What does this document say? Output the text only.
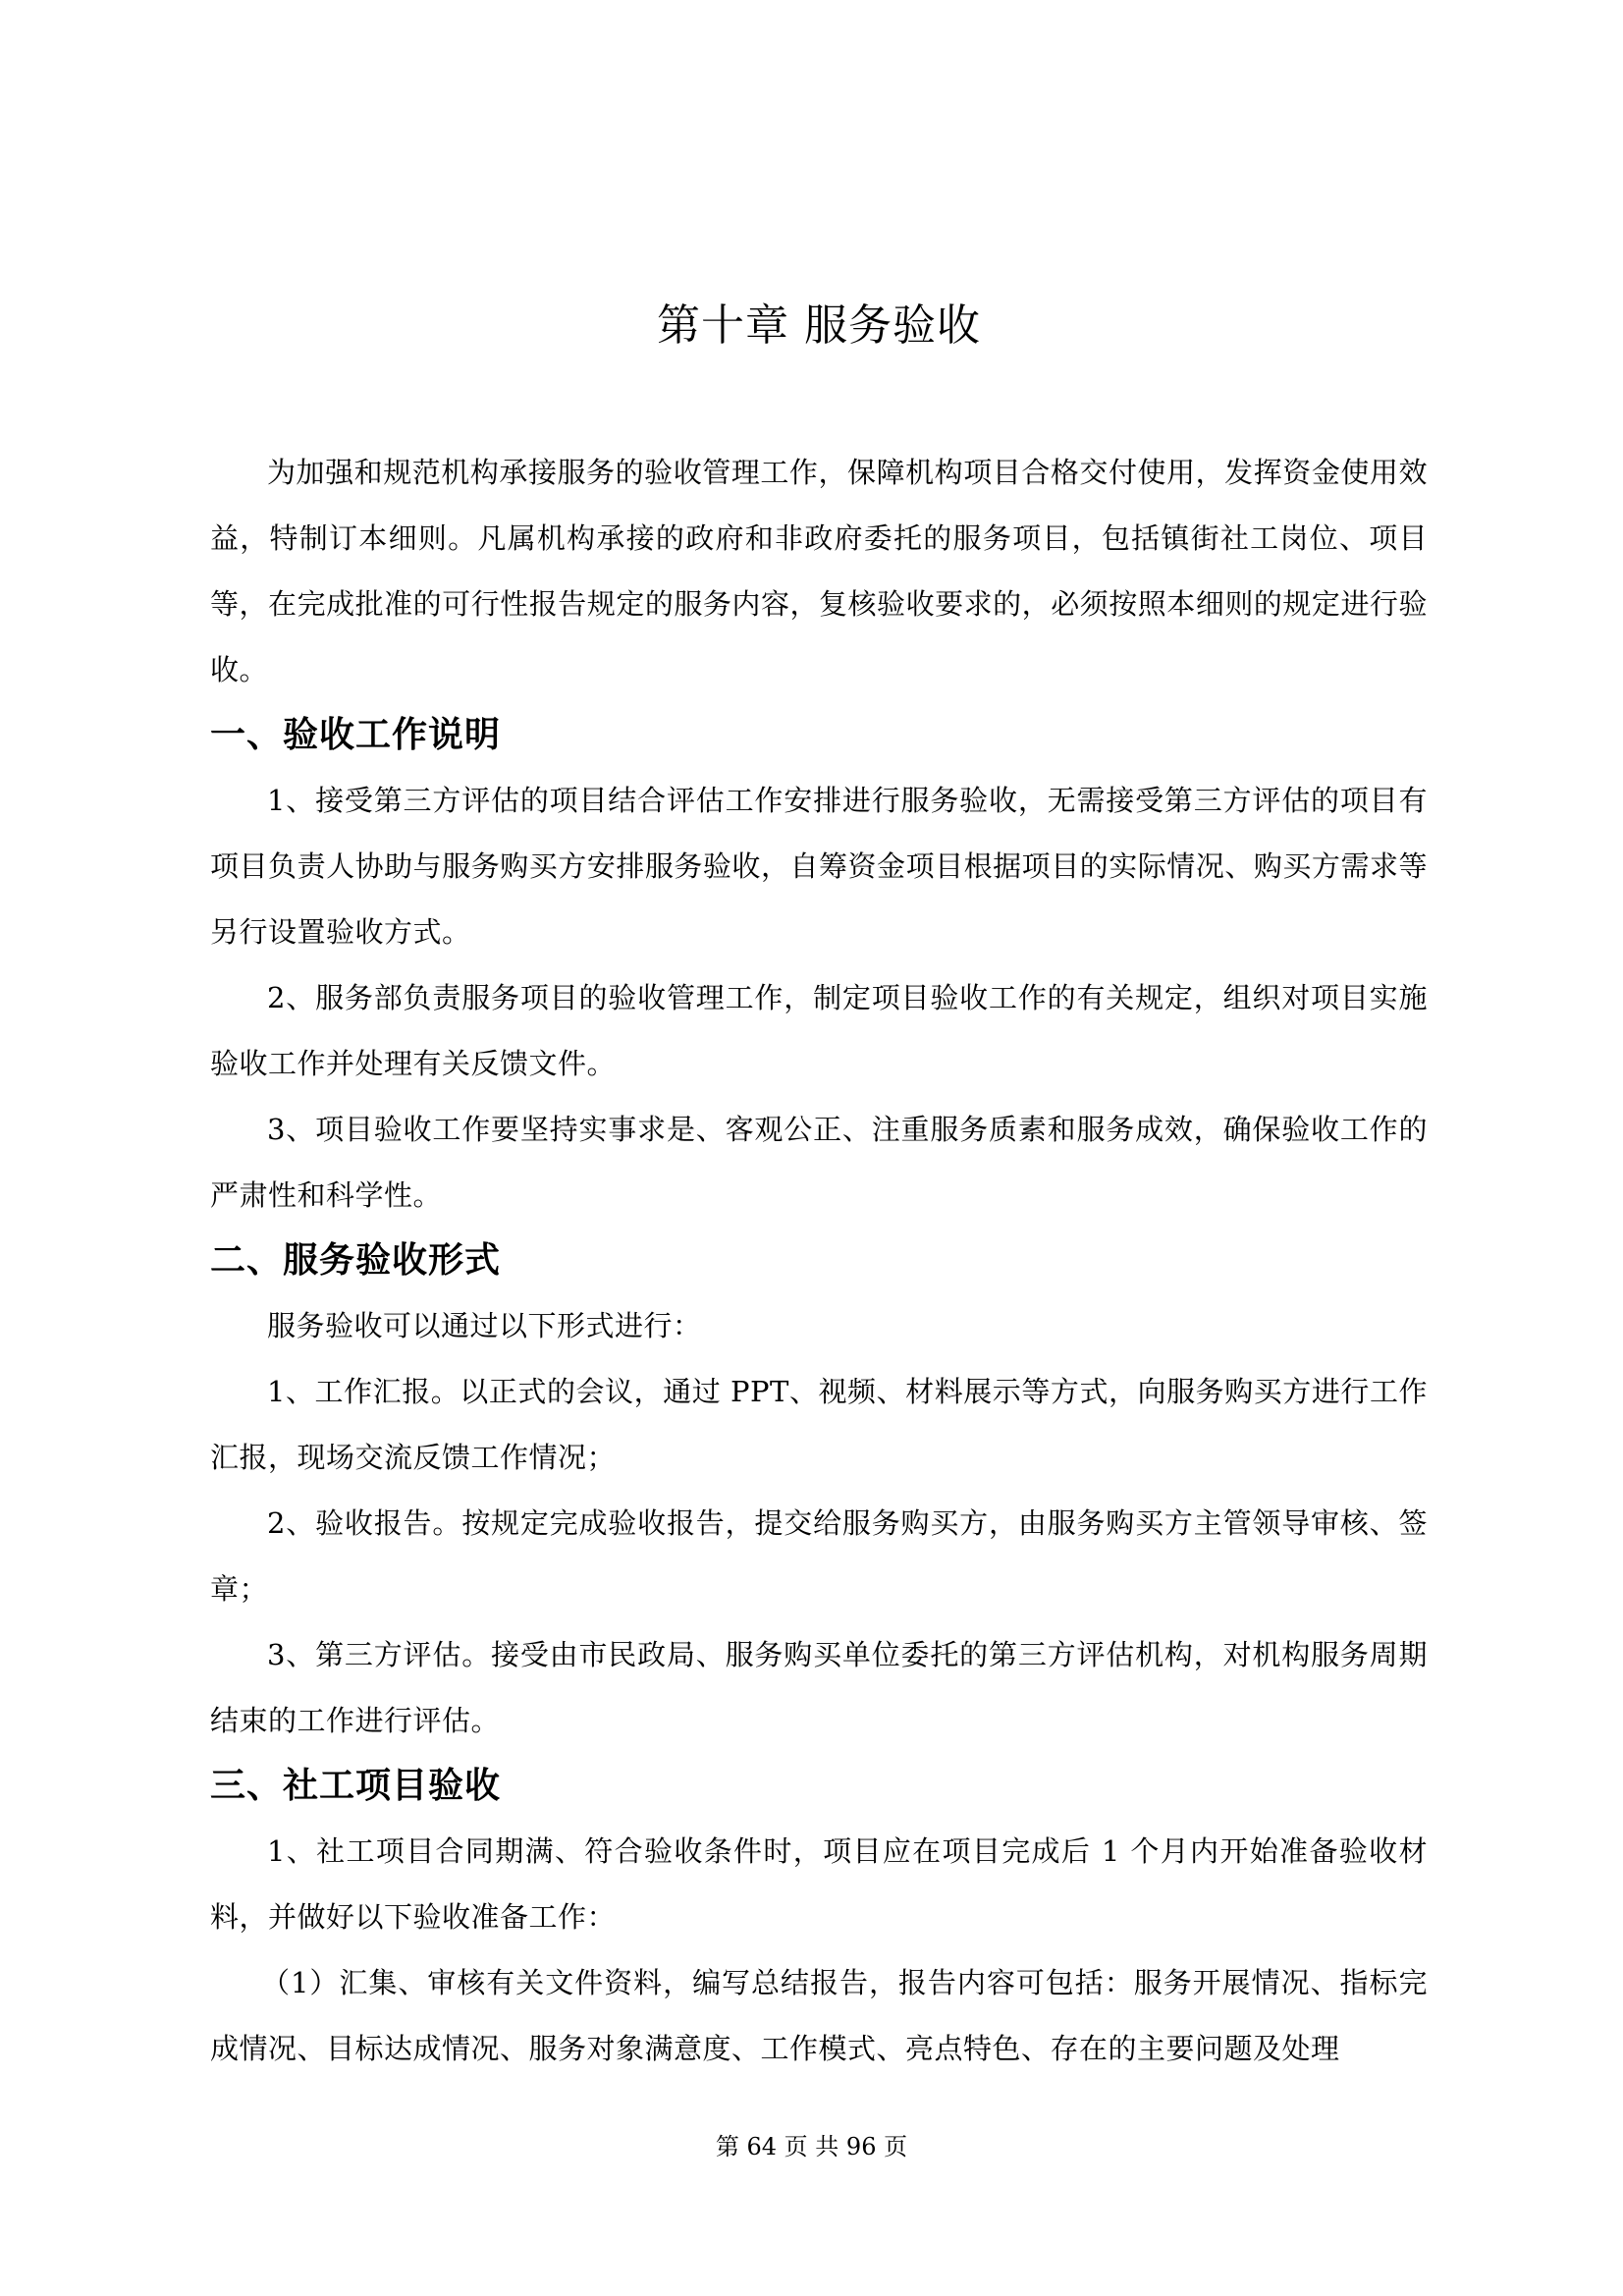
第十章 服务验收

为加强和规范机构承接服务的验收管理工作，保障机构项目合格交付使用，发挥资金使用效益，特制订本细则。凡属机构承接的政府和非政府委托的服务项目，包括镇街社工岗位、项目等，在完成批准的可行性报告规定的服务内容，复核验收要求的，必须按照本细则的规定进行验收。

一、验收工作说明

1、接受第三方评估的项目结合评估工作安排进行服务验收，无需接受第三方评估的项目有项目负责人协助与服务购买方安排服务验收，自筹资金项目根据项目的实际情况、购买方需求等另行设置验收方式。

2、服务部负责服务项目的验收管理工作，制定项目验收工作的有关规定，组织对项目实施验收工作并处理有关反馈文件。

3、项目验收工作要坚持实事求是、客观公正、注重服务质素和服务成效，确保验收工作的严肃性和科学性。

二、服务验收形式

服务验收可以通过以下形式进行：

1、工作汇报。以正式的会议，通过 PPT、视频、材料展示等方式，向服务购买方进行工作汇报，现场交流反馈工作情况；

2、验收报告。按规定完成验收报告，提交给服务购买方，由服务购买方主管领导审核、签章；

3、第三方评估。接受由市民政局、服务购买单位委托的第三方评估机构，对机构服务周期结束的工作进行评估。

三、社工项目验收

1、社工项目合同期满、符合验收条件时，项目应在项目完成后 1 个月内开始准备验收材料，并做好以下验收准备工作：

（1）汇集、审核有关文件资料，编写总结报告，报告内容可包括：服务开展情况、指标完成情况、目标达成情况、服务对象满意度、工作模式、亮点特色、存在的主要问题及处理

第 64 页 共 96 页
